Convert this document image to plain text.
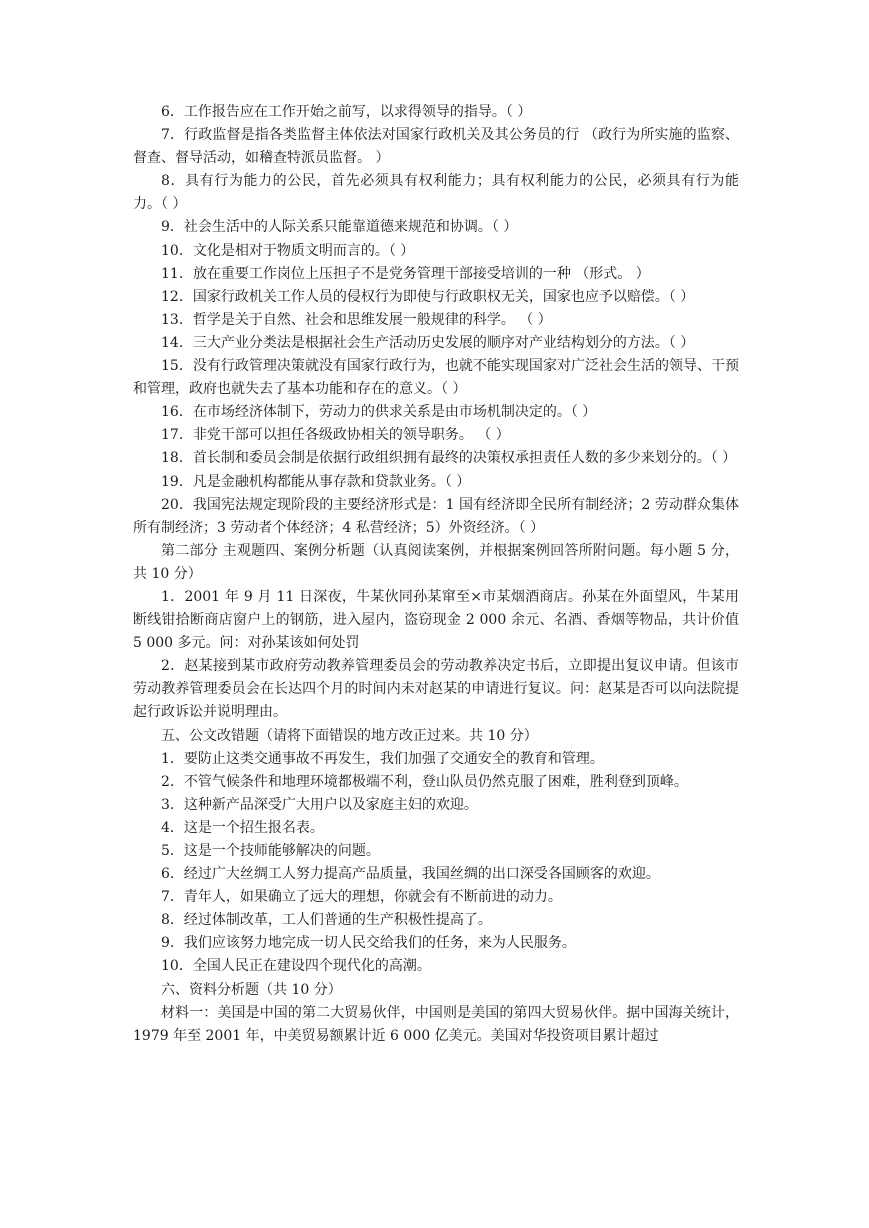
6．工作报告应在工作开始之前写，以求得领导的指导。（ ）

7．行政监督是指各类监督主体依法对国家行政机关及其公务员的行 （政行为所实施的监察、督查、督导活动，如稽查特派员监督。 ）

8．具有行为能力的公民，首先必须具有权利能力；具有权利能力的公民，必须具有行为能力。（ ）

9．社会生活中的人际关系只能靠道德来规范和协调。（ ）

10．文化是相对于物质文明而言的。（ ）

11．放在重要工作岗位上压担子不是党务管理干部接受培训的一种 （形式。 ）

12．国家行政机关工作人员的侵权行为即使与行政职权无关，国家也应予以赔偿。（ ）

13．哲学是关于自然、社会和思维发展一般规律的科学。 （ ）

14．三大产业分类法是根据社会生产活动历史发展的顺序对产业结构划分的方法。（ ）

15．没有行政管理决策就没有国家行政行为，也就不能实现国家对广泛社会生活的领导、干预和管理，政府也就失去了基本功能和存在的意义。（ ）

16．在市场经济体制下，劳动力的供求关系是由市场机制决定的。（ ）

17．非党干部可以担任各级政协相关的领导职务。 （ ）

18．首长制和委员会制是依据行政组织拥有最终的决策权承担责任人数的多少来划分的。（ ）

19．凡是金融机构都能从事存款和贷款业务。（ ）

20．我国宪法规定现阶段的主要经济形式是：1 国有经济即全民所有制经济；2 劳动群众集体所有制经济；3 劳动者个体经济；4 私营经济；5）外资经济。（ ）

第二部分 主观题四、案例分析题（认真阅读案例，并根据案例回答所附问题。每小题 5 分，共 10 分）

1．2001 年 9 月 11 日深夜，牛某伙同孙某窜至×市某烟酒商店。孙某在外面望风，牛某用断线钳拾断商店窗户上的钢筋，进入屋内，盗窃现金 2 000 余元、名酒、香烟等物品，共计价值 5 000 多元。问：对孙某该如何处罚

2．赵某接到某市政府劳动教养管理委员会的劳动教养决定书后，立即提出复议申请。但该市劳动教养管理委员会在长达四个月的时间内未对赵某的申请进行复议。问：赵某是否可以向法院提起行政诉讼并说明理由。

五、公文改错题（请将下面错误的地方改正过来。共 10 分）

1．要防止这类交通事故不再发生，我们加强了交通安全的教育和管理。

2．不管气候条件和地理环境都极端不利，登山队员仍然克服了困难，胜利登到顶峰。

3．这种新产品深受广大用户以及家庭主妇的欢迎。

4．这是一个招生报名表。

5．这是一个技师能够解决的问题。

6．经过广大丝绸工人努力提高产品质量，我国丝绸的出口深受各国顾客的欢迎。

7．青年人，如果确立了远大的理想，你就会有不断前进的动力。

8．经过体制改革，工人们普通的生产积极性提高了。

9．我们应该努力地完成一切人民交给我们的任务，来为人民服务。

10．全国人民正在建设四个现代化的高潮。

六、资料分析题（共 10 分）

材料一：美国是中国的第二大贸易伙伴，中国则是美国的第四大贸易伙伴。据中国海关统计，1979 年至 2001 年，中美贸易额累计近 6 000 亿美元。美国对华投资项目累计超过
